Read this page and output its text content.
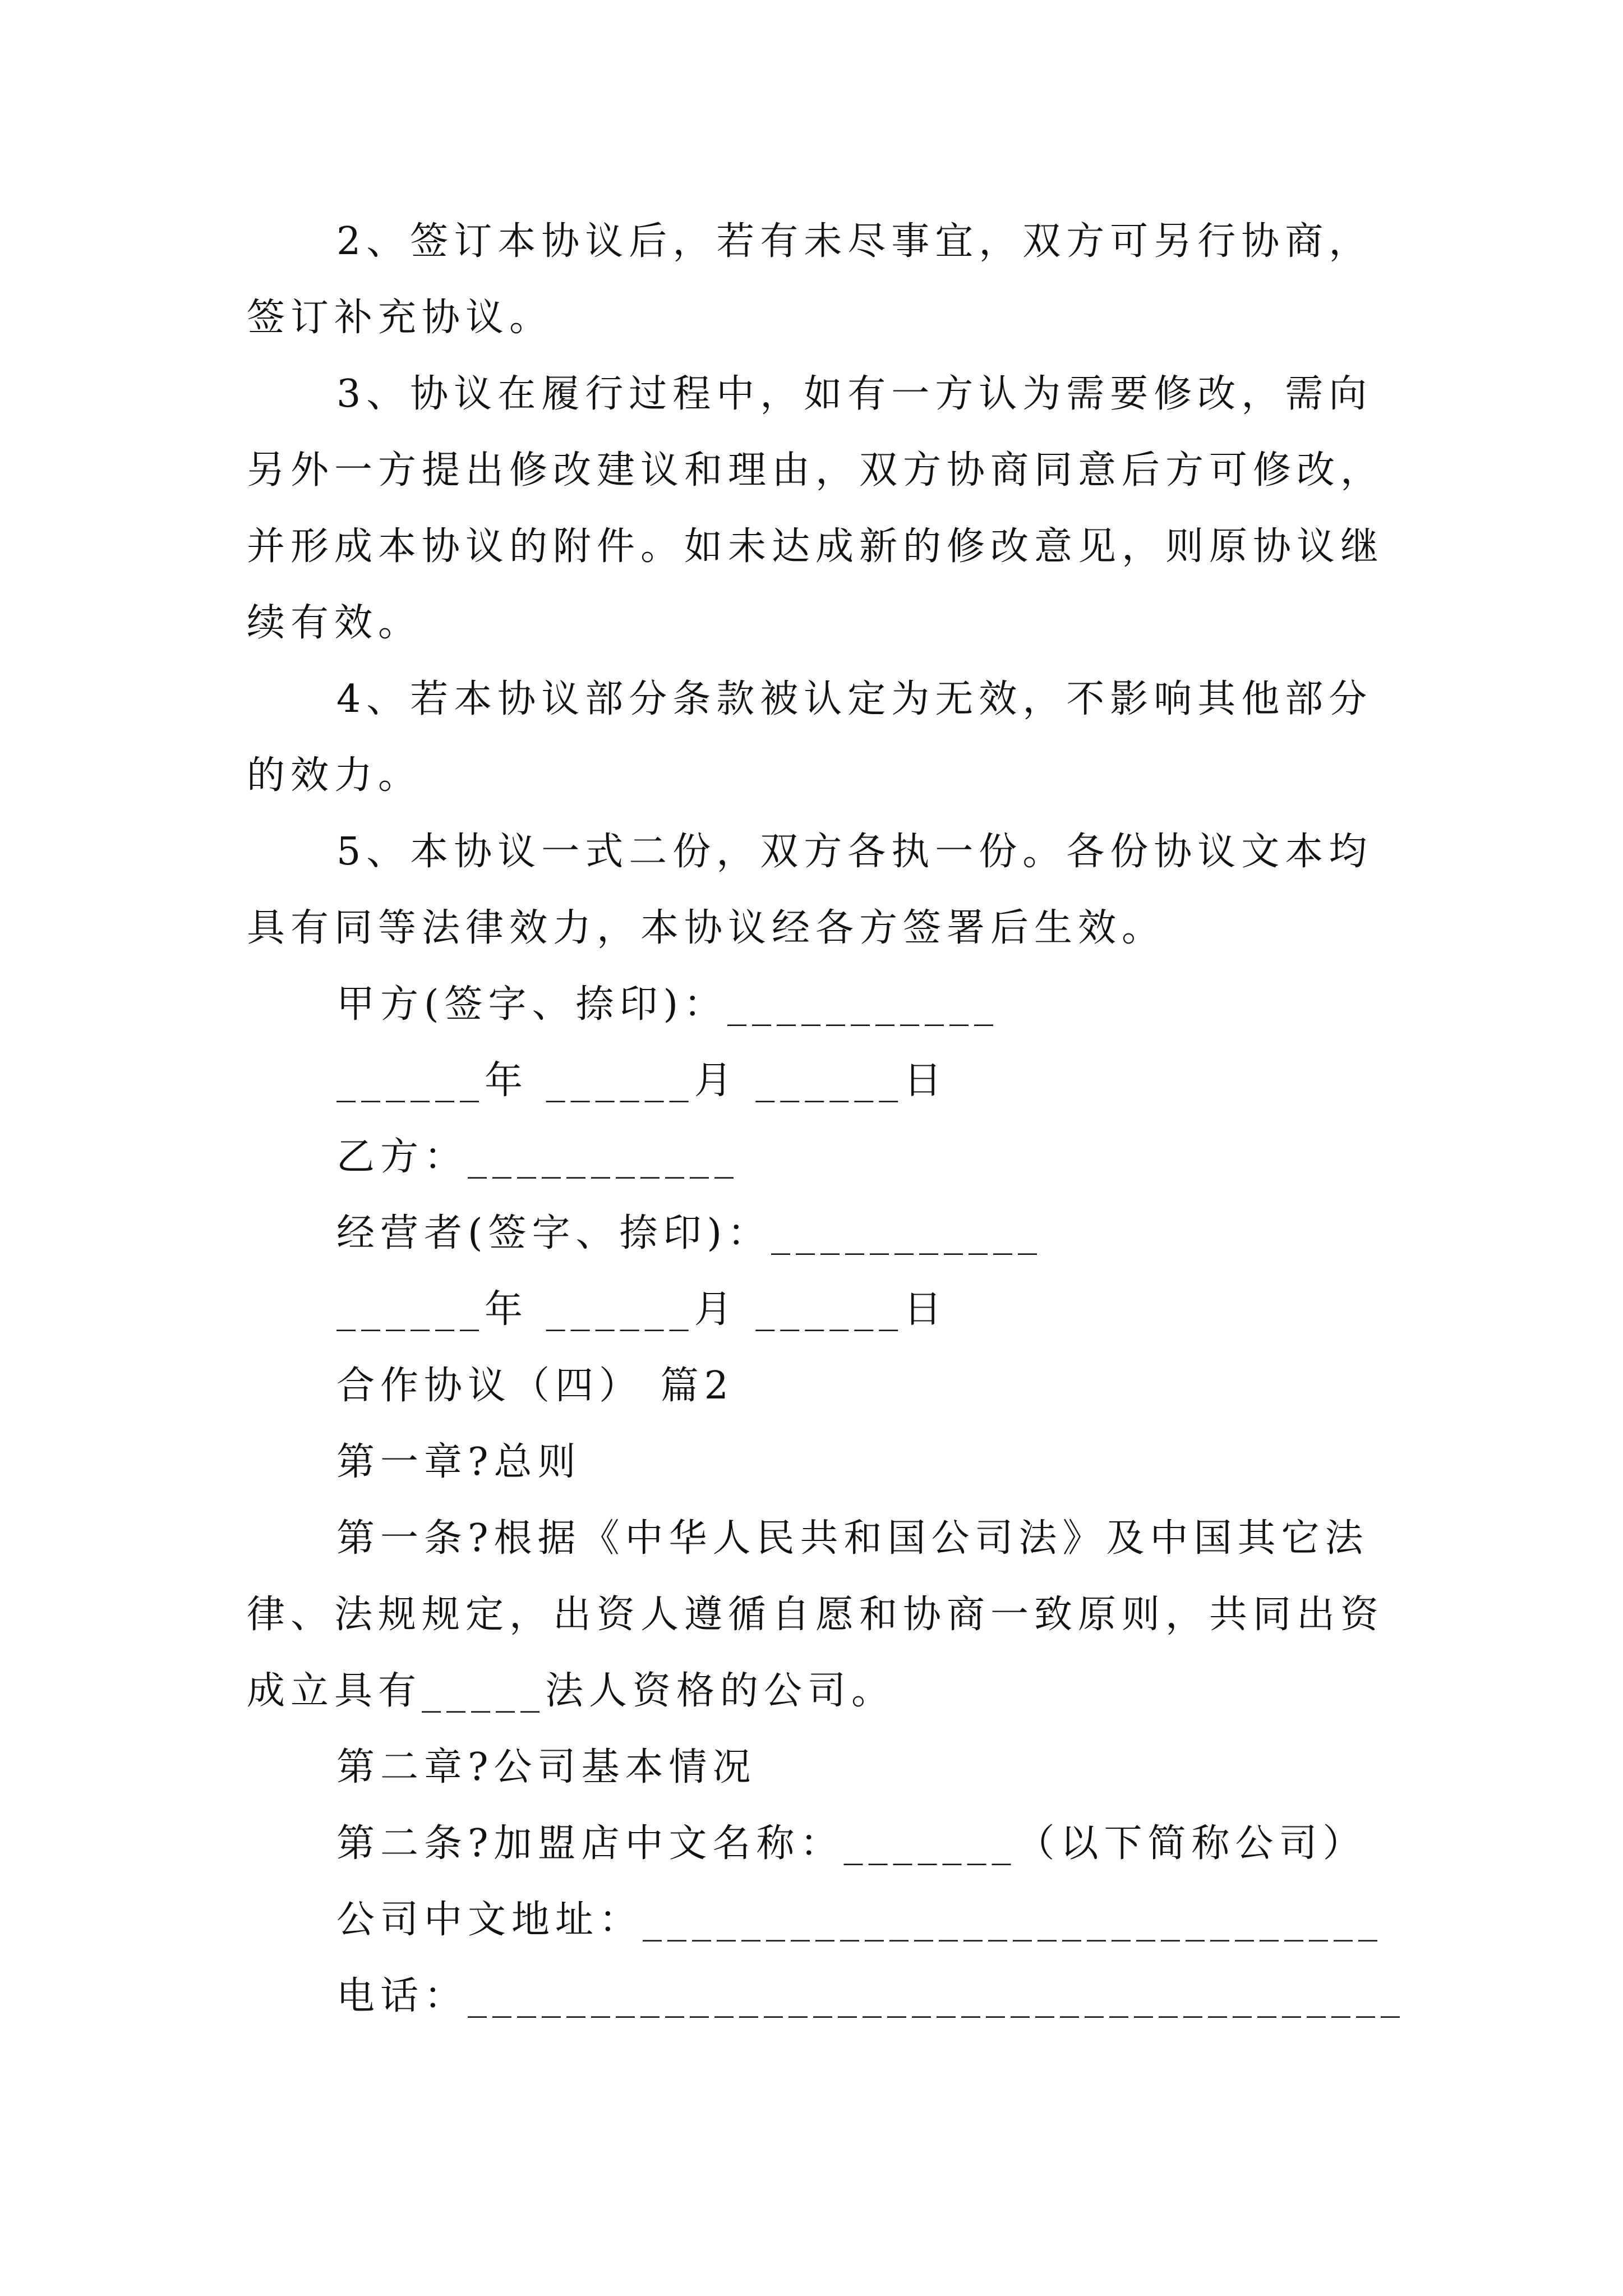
2、签订本协议后，若有未尽事宜，双方可另行协商，
签订补充协议。
3、协议在履行过程中，如有一方认为需要修改，需向
另外一方提出修改建议和理由，双方协商同意后方可修改，
并形成本协议的附件。如未达成新的修改意见，则原协议继
续有效。
4、若本协议部分条款被认定为无效，不影响其他部分
的效力。
5、本协议一式二份，双方各执一份。各份协议文本均
具有同等法律效力，本协议经各方签署后生效。
甲方(签字、捺印)：___________
______年 ______月 ______日
乙方：___________
经营者(签字、捺印)：___________
______年 ______月 ______日
合作协议（四） 篇2
第一章?总则
第一条?根据《中华人民共和国公司法》及中国其它法
律、法规规定，出资人遵循自愿和协商一致原则，共同出资
成立具有_____法人资格的公司。
第二章?公司基本情况
第二条?加盟店中文名称：_______（以下简称公司）
公司中文地址：______________________________
电话：______________________________________
